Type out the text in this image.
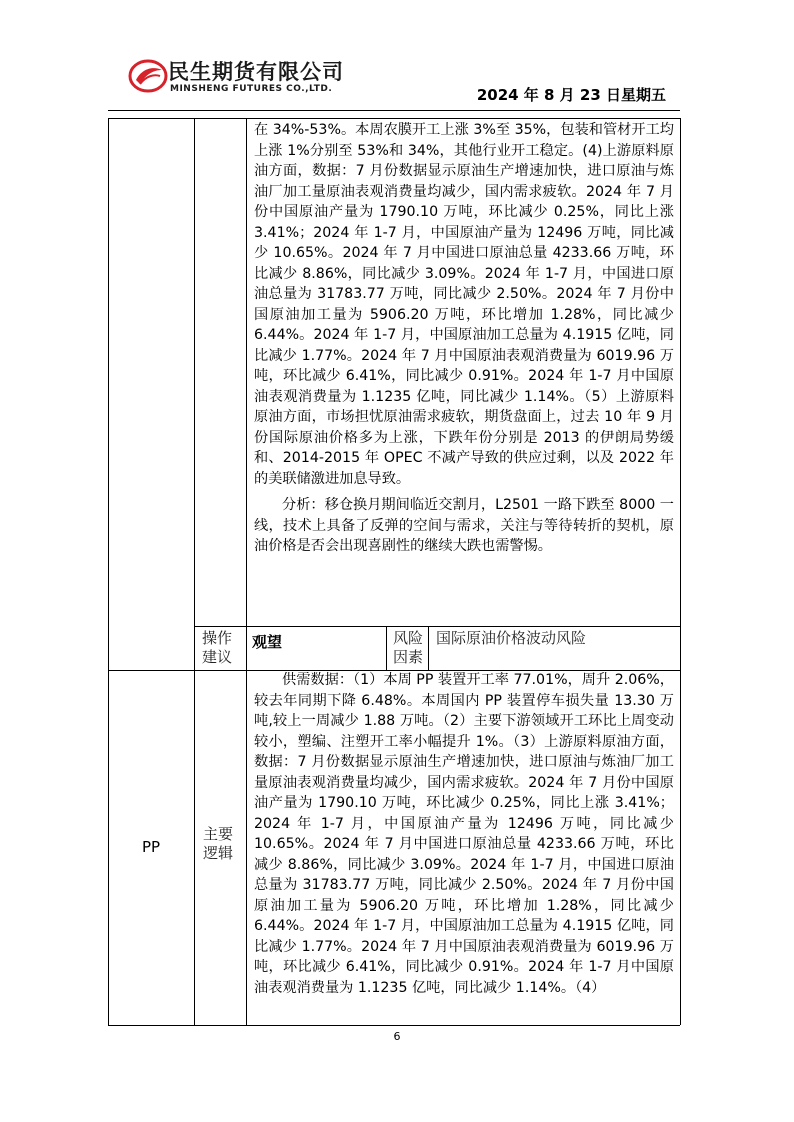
民生期货有限公司
MINSHENG FUTURES CO.,LTD.	2024 年 8 月 23 日星期五

在 34%-53%。本周农膜开工上涨 3%至 35%，包装和管材开工均上涨 1%分别至 53%和 34%，其他行业开工稳定。(4)上游原料原油方面，数据：7 月份数据显示原油生产增速加快，进口原油与炼油厂加工量原油表观消费量均减少，国内需求疲软。2024 年 7 月份中国原油产量为 1790.10 万吨，环比减少 0.25%，同比上涨 3.41%；2024 年 1-7 月，中国原油产量为 12496 万吨，同比减少 10.65%。2024 年 7 月中国进口原油总量 4233.66 万吨，环比减少 8.86%，同比减少 3.09%。2024 年 1-7 月，中国进口原油总量为 31783.77 万吨，同比减少 2.50%。2024 年 7 月份中国原油加工量为 5906.20 万吨，环比增加 1.28%，同比减少 6.44%。2024 年 1-7 月，中国原油加工总量为 4.1915 亿吨，同比减少 1.77%。2024 年 7 月中国原油表观消费量为 6019.96 万吨，环比减少 6.41%，同比减少 0.91%。2024 年 1-7 月中国原油表观消费量为 1.1235 亿吨，同比减少 1.14%。（5）上游原料原油方面，市场担忧原油需求疲软，期货盘面上，过去 10 年 9 月份国际原油价格多为上涨，下跌年份分别是 2013 的伊朗局势缓和、2014-2015 年 OPEC 不减产导致的供应过剩，以及 2022 年的美联储激进加息导致。

分析：移仓换月期间临近交割月，L2501 一路下跌至 8000 一线，技术上具备了反弹的空间与需求，关注与等待转折的契机，原油价格是否会出现喜剧性的继续大跌也需警惕。

操作建议
观望	风险因素
国际原油价格波动风险
PP
主要逻辑

供需数据：（1）本周 PP 装置开工率 77.01%，周升 2.06%，较去年同期下降 6.48%。本周国内 PP 装置停车损失量 13.30 万吨,较上一周减少 1.88 万吨。（2）主要下游领域开工环比上周变动较小，塑编、注塑开工率小幅提升 1%。（3）上游原料原油方面，数据：7 月份数据显示原油生产增速加快，进口原油与炼油厂加工量原油表观消费量均减少，国内需求疲软。2024 年 7 月份中国原油产量为 1790.10 万吨，环比减少 0.25%，同比上涨 3.41%；2024 年 1-7 月，中国原油产量为 12496 万吨，同比减少 10.65%。2024 年 7 月中国进口原油总量 4233.66 万吨，环比减少 8.86%，同比减少 3.09%。2024 年 1-7 月，中国进口原油总量为 31783.77 万吨，同比减少 2.50%。2024 年 7 月份中国原油加工量为 5906.20 万吨，环比增加 1.28%，同比减少 6.44%。2024 年 1-7 月，中国原油加工总量为 4.1915 亿吨，同比减少 1.77%。2024 年 7 月中国原油表观消费量为 6019.96 万吨，环比减少 6.41%，同比减少 0.91%。2024 年 1-7 月中国原油表观消费量为 1.1235 亿吨，同比减少 1.14%。（4）

6
